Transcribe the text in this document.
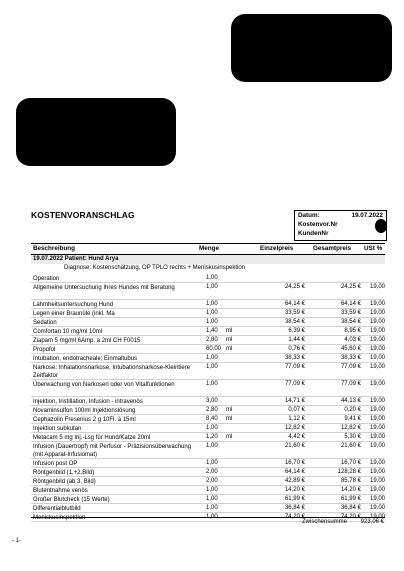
KOSTENVORANSCHLAG	Datum:	19.07.2022
Kostenvor.Nr
KundenNr
Beschreibung	Menge	Einzelpreis	Gesamtpreis USt %
19.07.2022 Patient: Hund Arya
Diagnose: Kostenschätzung, OP TPLO rechts + Meniskusinspektion
Operation	1,00
Allgemeine Untersuchung Ihres Hundes mit Beratung	1,00	24,25 €	24,25 € 19,00
Lahmheitsuntersuchung Hund	1,00	64,14 €	64,14 € 19,00
Legen einer Braunüle (inkl. Ma	1,00	33,59 €	33,59 € 19,00
Sedation	1,00	38,54 €	38,54 € 19,00
Comfortan 10 mg/ml 10ml	1,40 ml	6,39 €	8,95 € 19,00
Ziapam 5 mg/ml 6Amp. à 2ml CH F0015	2,80 ml	1,44 €	4,03 € 19,00
Propofol	60,00 ml	0,76 €	45,60 € 19,00
Intubation, endotracheale; Einmaltubus	1,00	38,33 €	38,33 € 19,00
Narkose: Inhalationsnarkose, Intubationsnarkose-Kleintiere Zeitfaktor
1,00	77,09 €	77,09 € 19,00
Überwachung von Narkosen oder von Vitalfunktionen	1,00	77,09 €	77,09 € 19,00
Injektion, Instillation, Infusion - intravenös	3,00	14,71 €	44,13 € 19,00
Novaminsulfon 100ml Injektionslösung	2,80 ml	0,07 €	0,20 € 19,00
Cephazolin Fresenius 2 g 10Fl. à 15ml	8,40 ml	1,12 €	9,41 € 19,00
Injektion subkutan	1,00	12,82 €	12,82 € 19,00
Metacam 5 mg Inj.-Lsg für Hund/Katze 20ml	1,20 ml	4,42 €	5,30 € 19,00
Infusion (Dauertropf) mit Perfusor - Präzisionsüberwachung (mit Apparat-Infusiomat)
1,00	21,60 €	21,60 € 19,00
Infusion post OP	1,00	16,70 €	16,70 € 19,00
Röntgenbild (1,+2,Bild)	2,00	64,14 €	128,28 € 19,00
Röntgenbild (ab 3, Bild)	2,00	42,89 €	85,78 € 19,00
Blutentnahme venös	1,00	14,20 €	14,20 € 19,00
Großer Blutcheck (15 Werte)	1,00	61,99 €	61,99 € 19,00
Differentialblutbild	1,00	36,84 €	36,84 € 19,00
Meniskusinspektion	1,00	74,20 €	74,20 € 19,00
Zwischensumme 923,06 €
- 1-
